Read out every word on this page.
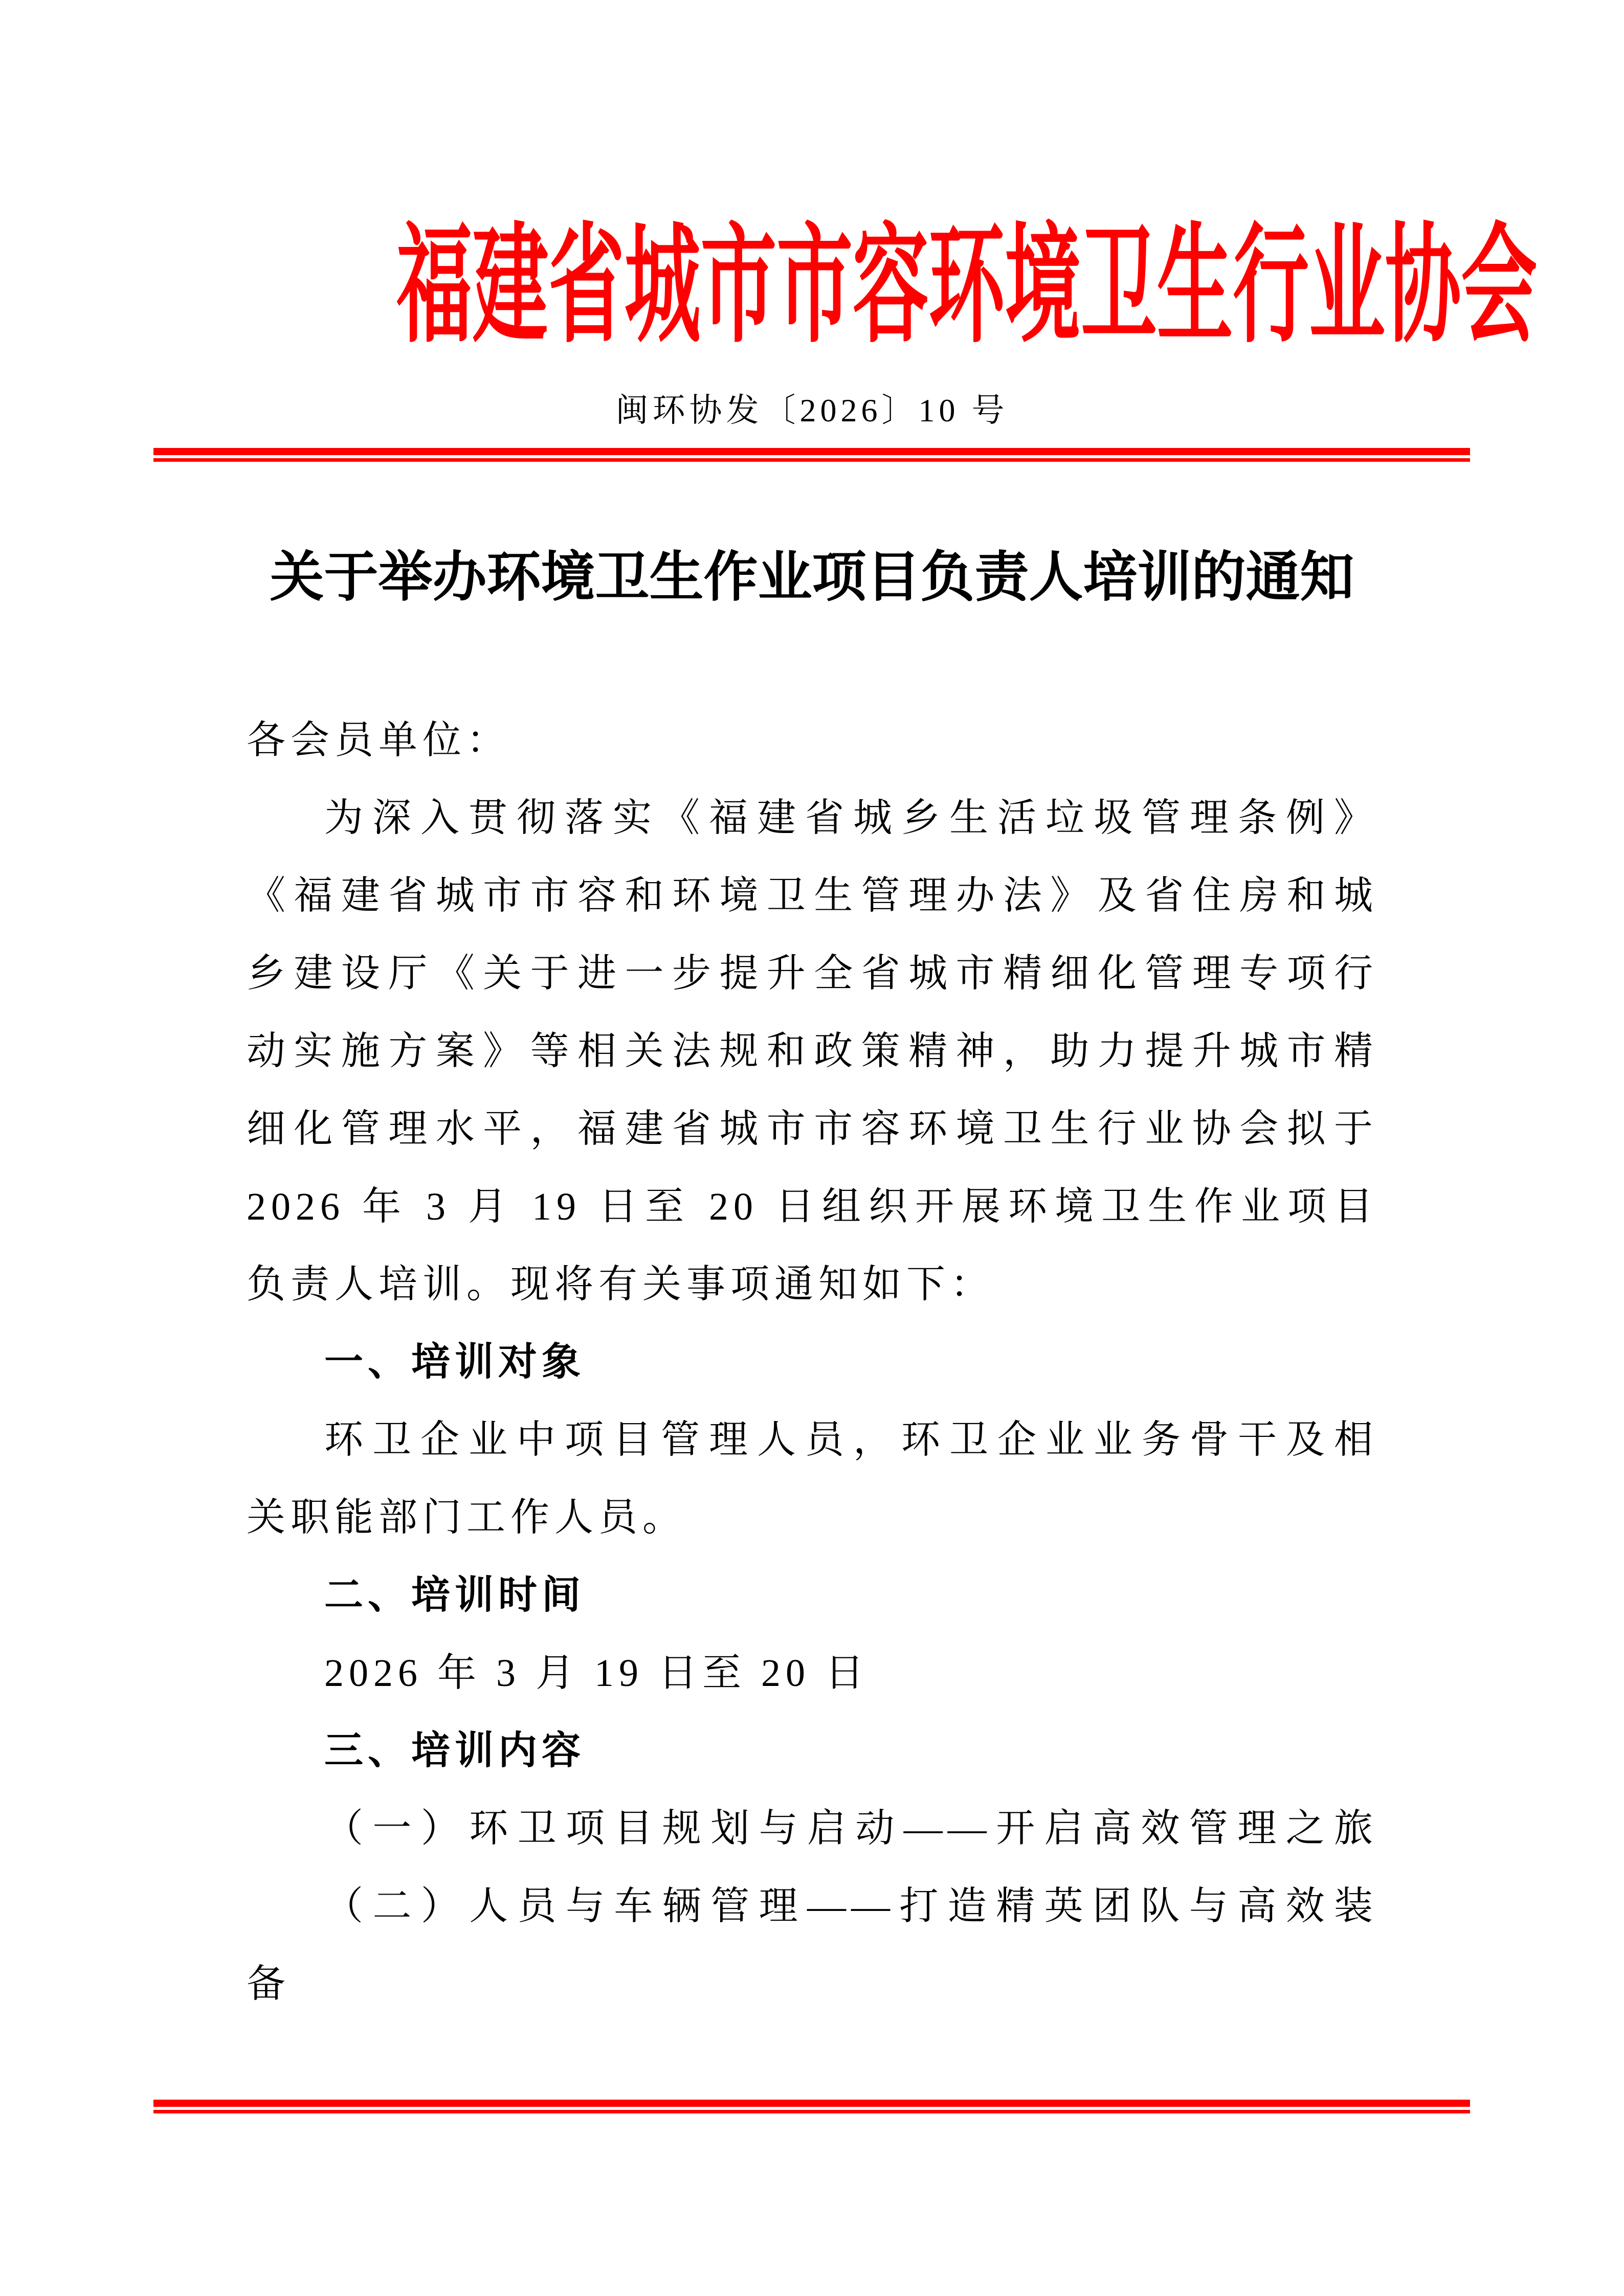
福建省城市市容环境卫生行业协会
闽环协发〔2026〕10 号
关于举办环境卫生作业项目负责人培训的通知
各会员单位：
为深入贯彻落实《福建省城乡生活垃圾管理条例》
《福建省城市市容和环境卫生管理办法》及省住房和城
乡建设厅《关于进一步提升全省城市精细化管理专项行
动实施方案》等相关法规和政策精神，助力提升城市精
细化管理水平，福建省城市市容环境卫生行业协会拟于
2026 年 3 月 19 日至 20 日组织开展环境卫生作业项目
负责人培训。现将有关事项通知如下：
一、培训对象
环卫企业中项目管理人员，环卫企业业务骨干及相
关职能部门工作人员。
二、培训时间
2026 年 3 月 19 日至 20 日
三、培训内容
（一）环卫项目规划与启动——开启高效管理之旅
（二）人员与车辆管理——打造精英团队与高效装
备
